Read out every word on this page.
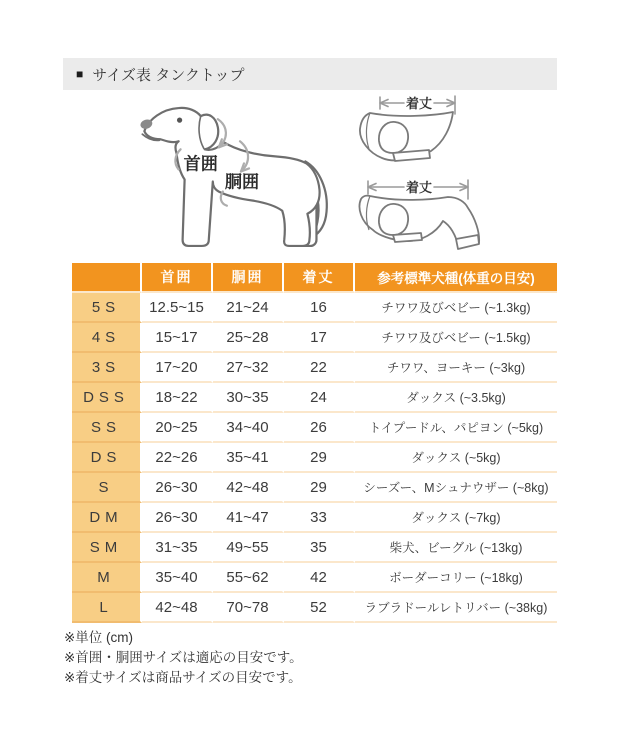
■ サイズ表 タンクトップ
首囲
胴囲
着丈
着丈
	首囲	胴囲	着丈	参考標準犬種(体重の目安)
5S	12.5~15	21~24	16	チワワ及びベビー (~1.3kg)
4S	15~17	25~28	17	チワワ及びベビー (~1.5kg)
3S	17~20	27~32	22	チワワ、ヨーキー (~3kg)
DSS	18~22	30~35	24	ダックス (~3.5kg)
SS	20~25	34~40	26	トイプードル、パピヨン (~5kg)
DS	22~26	35~41	29	ダックス (~5kg)
S	26~30	42~48	29	シーズー、Mシュナウザー (~8kg)
DM	26~30	41~47	33	ダックス (~7kg)
SM	31~35	49~55	35	柴犬、ビーグル (~13kg)
M	35~40	55~62	42	ボーダーコリー (~18kg)
L	42~48	70~78	52	ラブラドールレトリバー (~38kg)
※単位 (cm)
※首囲・胴囲サイズは適応の目安です。
※着丈サイズは商品サイズの目安です。
